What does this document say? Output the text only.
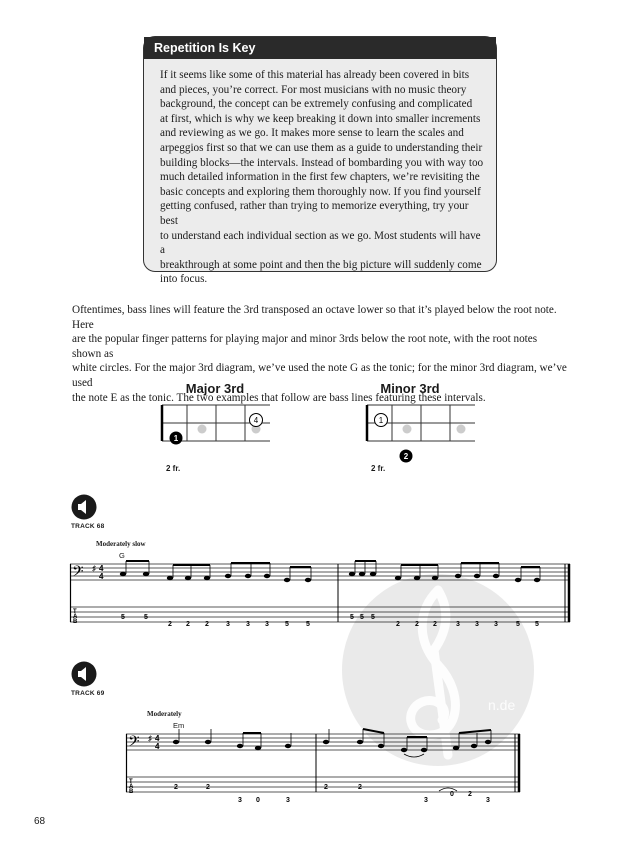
Repetition Is Key

If it seems like some of this material has already been covered in bits

and pieces, you’re correct. For most musicians with no music theory

background, the concept can be extremely confusing and complicated

at first, which is why we keep breaking it down into smaller increments

and reviewing as we go. It makes more sense to learn the scales and

arpeggios first so that we can use them as a guide to understanding their

building blocks—the intervals. Instead of bombarding you with way too

much detailed information in the first few chapters, we’re revisiting the

basic concepts and exploring them thoroughly now. If you find yourself

getting confused, rather than trying to memorize everything, try your best

to understand each individual section as we go. Most students will have a

breakthrough at some point and then the big picture will suddenly come

into focus.

Oftentimes, bass lines will feature the 3rd transposed an octave lower so that it’s played below the root note. Here
are the popular finger patterns for playing major and minor 3rds below the root note, with the root notes shown as
white circles. For the major 3rd diagram, we’ve used the note G as the tonic; for the minor 3rd diagram, we’ve used
the note E as the tonic. The two examples that follow are bass lines featuring these intervals.
n.de
Major 3rd	Minor 3rd
4
1
2 fr.
1
2
2 fr.
TRACK 68
Moderately slow
G
𝄢 ♯ 4
4
T
A
B
5	5
2 2 2 3 3 3 5 5
5 5 5
2 2 2	3 3 3	5 5
TRACK 69
Moderately
Em
𝄢 ♯ 4
4
T
A
B
2	2
3 0	3
2	2
3
0 2
3
68
